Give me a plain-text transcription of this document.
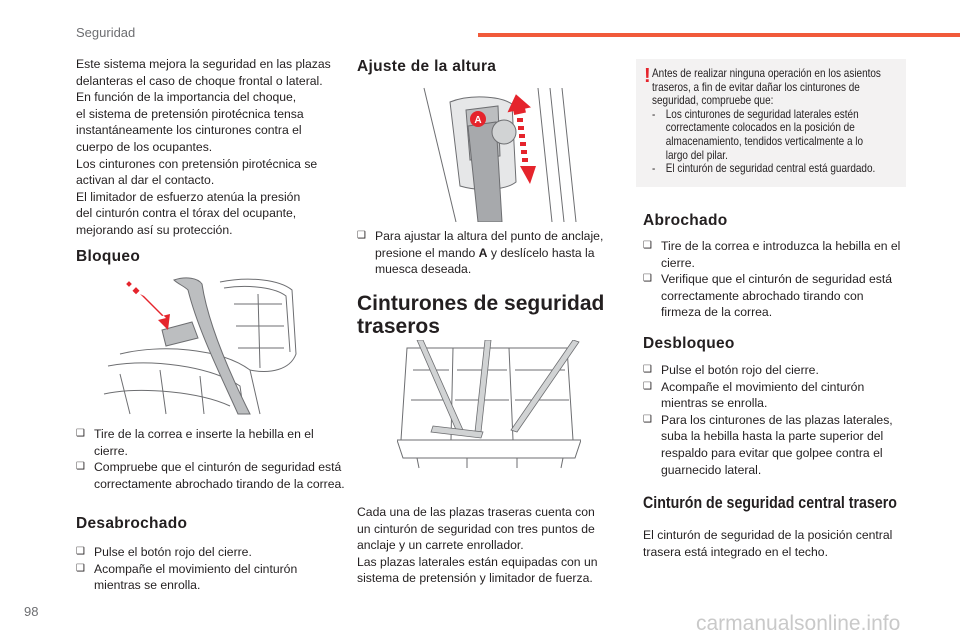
Seguridad

Este sistema mejora la seguridad en las plazas
delanteras el caso de choque frontal o lateral.
En función de la importancia del choque,
el sistema de pretensión pirotécnica tensa
instantáneamente los cinturones contra el
cuerpo de los ocupantes.
Los cinturones con pretensión pirotécnica se
activan al dar el contacto.
El limitador de esfuerzo atenúa la presión
del cinturón contra el tórax del ocupante,
mejorando así su protección.

Bloqueo
❑ Tire de la correa e inserte la hebilla en el cierre.
❑ Compruebe que el cinturón de seguridad está correctamente abrochado tirando de la correa.
Desabrochado
❑ Pulse el botón rojo del cierre.
❑ Acompañe el movimiento del cinturón mientras se enrolla.
Ajuste de la altura
A
❑ Para ajustar la altura del punto de anclaje, presione el mando A y deslícelo hasta la muesca deseada.
Cinturones de seguridad
traseros

Cada una de las plazas traseras cuenta con
un cinturón de seguridad con tres puntos de
anclaje y un carrete enrollador.
Las plazas laterales están equipadas con un
sistema de pretensión y limitador de fuerza.

! Antes de realizar ninguna operación en los asientos
traseros, a fin de evitar dañar los cinturones de
seguridad, compruebe que:
- Los cinturones de seguridad laterales estén
correctamente colocados en la posición de
almacenamiento, tendidos verticalmente a lo
largo del pilar.
- El cinturón de seguridad central está guardado.
Abrochado
❑ Tire de la correa e introduzca la hebilla en el cierre.
❑ Verifique que el cinturón de seguridad está correctamente abrochado tirando con firmeza de la correa.
Desbloqueo
❑ Pulse el botón rojo del cierre.
❑ Acompañe el movimiento del cinturón mientras se enrolla.
❑ Para los cinturones de las plazas laterales, suba la hebilla hasta la parte superior del respaldo para evitar que golpee contra el guarnecido lateral.
Cinturón de seguridad central trasero

El cinturón de seguridad de la posición central
trasera está integrado en el techo.

98
carmanualsonline.info
